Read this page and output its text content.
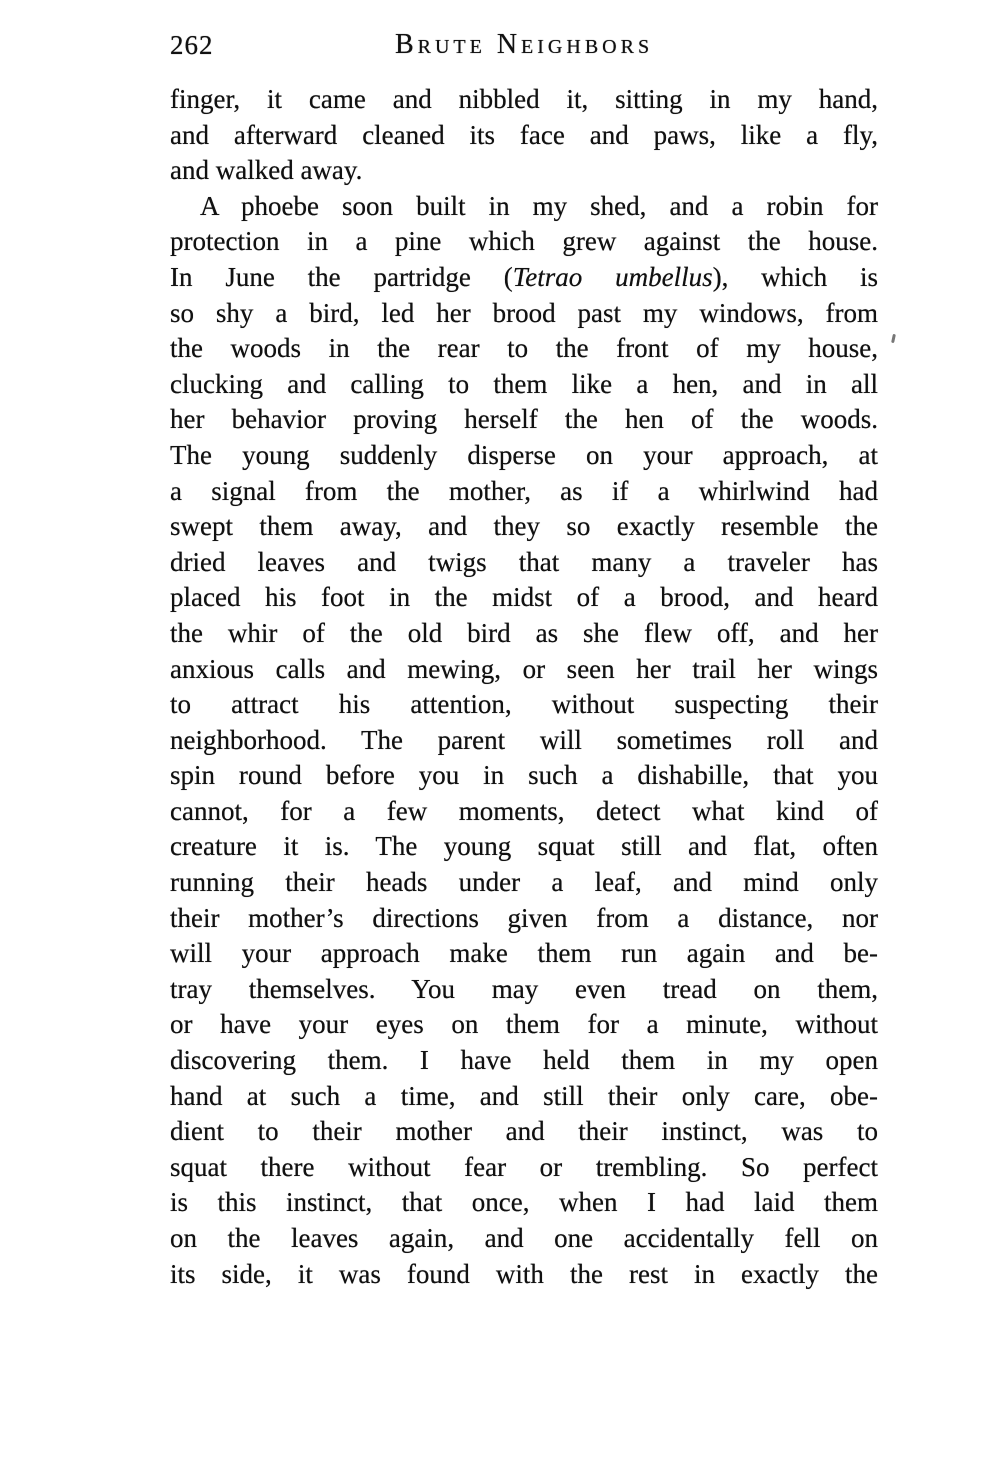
262	Brute Neighbors
finger, it came and nibbled it, sitting in my hand,
and afterward cleaned its face and paws, like a fly,
and walked away.
A phoebe soon built in my shed, and a robin for
protection in a pine which grew against the house.
In June the partridge (Tetrao umbellus), which is
so shy a bird, led her brood past my windows, from
the woods in the rear to the front of my house,
clucking and calling to them like a hen, and in all
her behavior proving herself the hen of the woods.
The young suddenly disperse on your approach, at
a signal from the mother, as if a whirlwind had
swept them away, and they so exactly resemble the
dried leaves and twigs that many a traveler has
placed his foot in the midst of a brood, and heard
the whir of the old bird as she flew off, and her
anxious calls and mewing, or seen her trail her wings
to attract his attention, without suspecting their
neighborhood. The parent will sometimes roll and
spin round before you in such a dishabille, that you
cannot, for a few moments, detect what kind of
creature it is. The young squat still and flat, often
running their heads under a leaf, and mind only
their mother’s directions given from a distance, nor
will your approach make them run again and be-
tray themselves. You may even tread on them,
or have your eyes on them for a minute, without
discovering them. I have held them in my open
hand at such a time, and still their only care, obe-
dient to their mother and their instinct, was to
squat there without fear or trembling. So perfect
is this instinct, that once, when I had laid them
on the leaves again, and one accidentally fell on
its side, it was found with the rest in exactly the
